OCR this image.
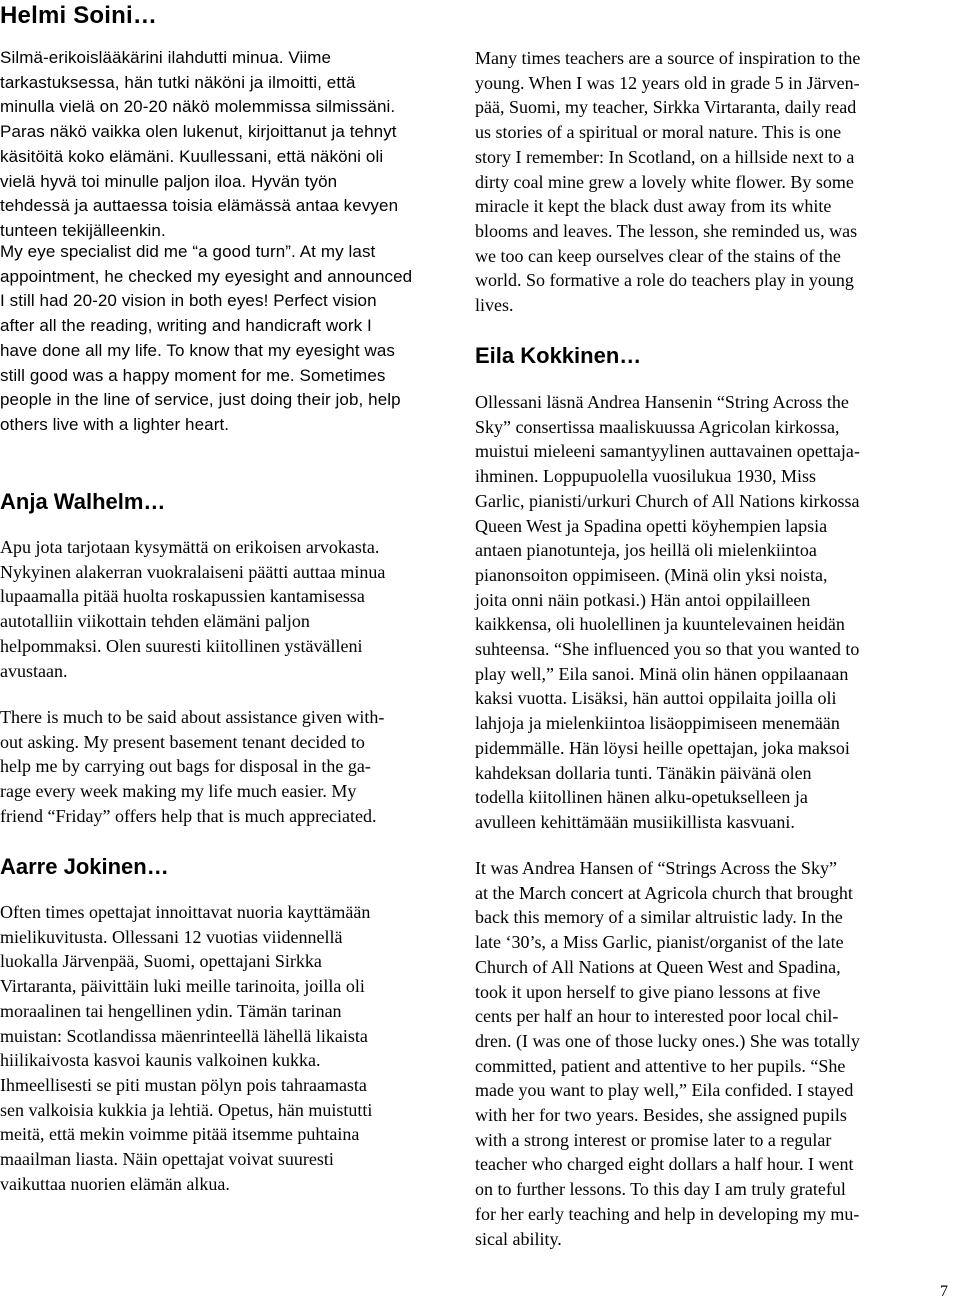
Helmi Soini…

Silmä-erikoislääkärini ilahdutti minua. Viime

tarkastuksessa, hän tutki näköni ja ilmoitti, että

minulla vielä on 20-20 näkö molemmissa silmissäni.

Paras näkö vaikka olen lukenut, kirjoittanut ja tehnyt

käsitöitä koko elämäni. Kuullessani, että näköni oli

vielä hyvä toi minulle paljon iloa. Hyvän työn

tehdessä ja auttaessa toisia elämässä antaa kevyen

tunteen tekijälleenkin.

My eye specialist did me “a good turn”. At my last

appointment, he checked my eyesight and announced

I still had 20-20 vision in both eyes! Perfect vision

after all the reading, writing and handicraft work I

have done all my life. To know that my eyesight was

still good was a happy moment for me. Sometimes

people in the line of service, just doing their job, help

others live with a lighter heart.

Anja Walhelm…

Apu jota tarjotaan kysymättä on erikoisen arvokasta.

Nykyinen alakerran vuokralaiseni päätti auttaa minua

lupaamalla pitää huolta roskapussien kantamisessa

autotalliin viikottain tehden elämäni paljon

helpommaksi. Olen suuresti kiitollinen ystävälleni

avustaan.

There is much to be said about assistance given with-

out asking. My present basement tenant decided to

help me by carrying out bags for disposal in the ga-

rage every week making my life much easier. My

friend “Friday” offers help that is much appreciated.

Aarre Jokinen…

Often times opettajat innoittavat nuoria kayttämään

mielikuvitusta. Ollessani 12 vuotias viidennellä

luokalla Järvenpää, Suomi, opettajani Sirkka

Virtaranta, päivittäin luki meille tarinoita, joilla oli

moraalinen tai hengellinen ydin. Tämän tarinan

muistan: Scotlandissa mäenrinteellä lähellä likaista

hiilikaivosta kasvoi kaunis valkoinen kukka.

Ihmeellisesti se piti mustan pölyn pois tahraamasta

sen valkoisia kukkia ja lehtiä. Opetus, hän muistutti

meitä, että mekin voimme pitää itsemme puhtaina

maailman liasta. Näin opettajat voivat suuresti

vaikuttaa nuorien elämän alkua.

Many times teachers are a source of inspiration to the

young. When I was 12 years old in grade 5 in Järven-

pää, Suomi, my teacher, Sirkka Virtaranta, daily read

us stories of a spiritual or moral nature. This is one

story I remember: In Scotland, on a hillside next to a

dirty coal mine grew a lovely white flower. By some

miracle it kept the black dust away from its white

blooms and leaves. The lesson, she reminded us, was

we too can keep ourselves clear of the stains of the

world. So formative a role do teachers play in young

lives.

Eila Kokkinen…

Ollessani läsnä Andrea Hansenin “String Across the

Sky” consertissa maaliskuussa Agricolan kirkossa,

muistui mieleeni samantyylinen auttavainen opettaja-

ihminen. Loppupuolella vuosilukua 1930, Miss

Garlic, pianisti/urkuri Church of All Nations kirkossa

Queen West ja Spadina opetti köyhempien lapsia

antaen pianotunteja, jos heillä oli mielenkiintoa

pianonsoiton oppimiseen. (Minä olin yksi noista,

joita onni näin potkasi.) Hän antoi oppilailleen

kaikkensa, oli huolellinen ja kuuntelevainen heidän

suhteensa. “She influenced you so that you wanted to

play well,” Eila sanoi. Minä olin hänen oppilaanaan

kaksi vuotta. Lisäksi, hän auttoi oppilaita joilla oli

lahjoja ja mielenkiintoa lisäoppimiseen menemään

pidemmälle. Hän löysi heille opettajan, joka maksoi

kahdeksan dollaria tunti. Tänäkin päivänä olen

todella kiitollinen hänen alku-opetukselleen ja

avulleen kehittämään musiikillista kasvuani.

It was Andrea Hansen of “Strings Across the Sky”

at the March concert at Agricola church that brought

back this memory of a similar altruistic lady. In the

late ‘30’s, a Miss Garlic, pianist/organist of the late

Church of All Nations at Queen West and Spadina,

took it upon herself to give piano lessons at five

cents per half an hour to interested poor local chil-

dren. (I was one of those lucky ones.) She was totally

committed, patient and attentive to her pupils. “She

made you want to play well,” Eila confided. I stayed

with her for two years. Besides, she assigned pupils

with a strong interest or promise later to a regular

teacher who charged eight dollars a half hour. I went

on to further lessons. To this day I am truly grateful

for her early teaching and help in developing my mu-

sical ability.

7
